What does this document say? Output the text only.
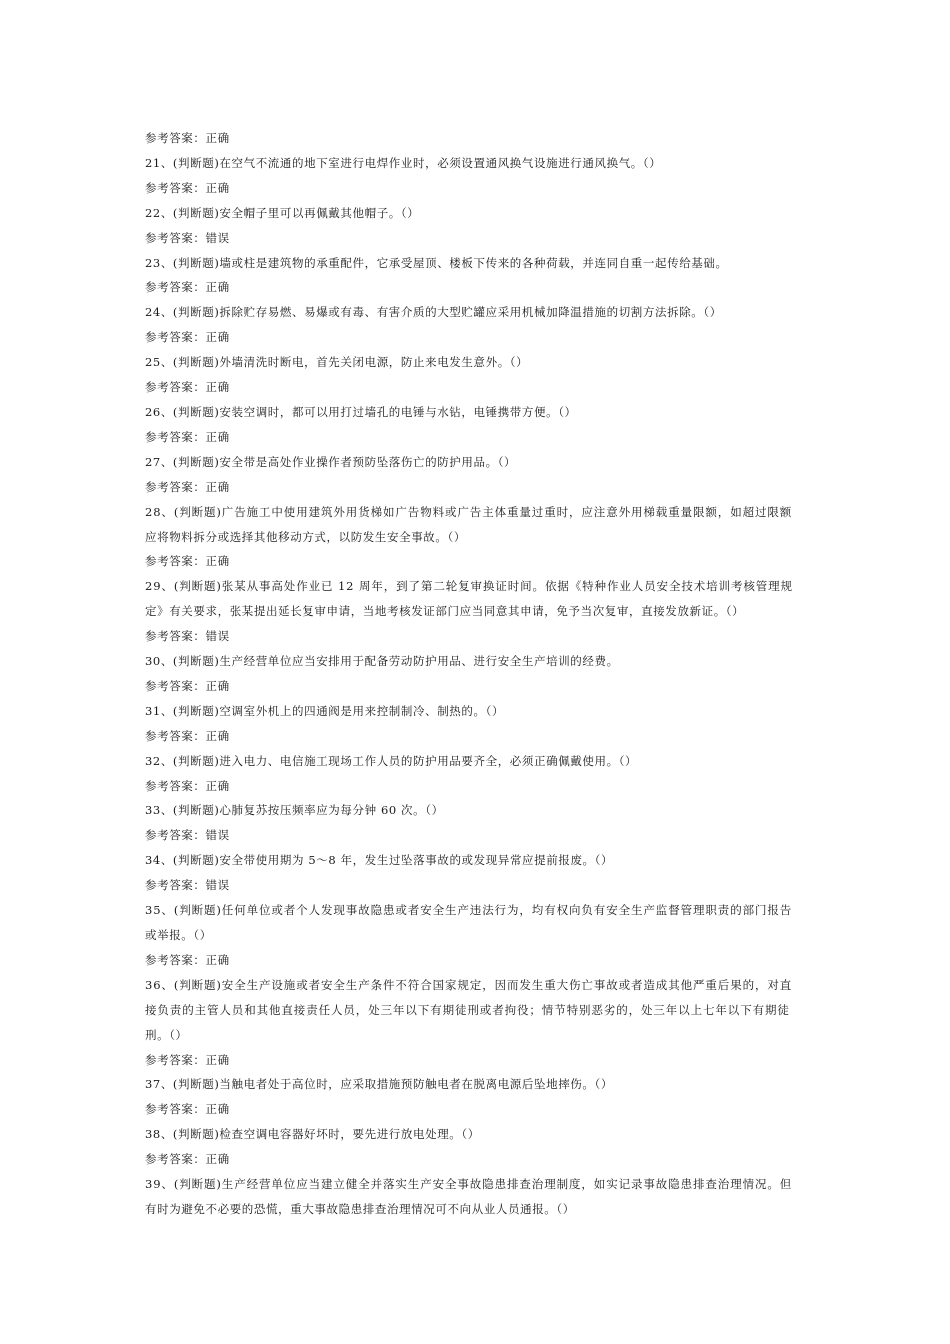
参考答案：正确
21、(判断题)在空气不流通的地下室进行电焊作业时，必须设置通风换气设施进行通风换气。（）
参考答案：正确
22、(判断题)安全帽子里可以再佩戴其他帽子。（）
参考答案：错误
23、(判断题)墙或柱是建筑物的承重配件，它承受屋顶、楼板下传来的各种荷载，并连同自重一起传给基础。
参考答案：正确
24、(判断题)拆除贮存易燃、易爆或有毒、有害介质的大型贮罐应采用机械加降温措施的切割方法拆除。（）
参考答案：正确
25、(判断题)外墙清洗时断电，首先关闭电源，防止来电发生意外。（）
参考答案：正确
26、(判断题)安装空调时，都可以用打过墙孔的电锤与水钻，电锤携带方便。（）
参考答案：正确
27、(判断题)安全带是高处作业操作者预防坠落伤亡的防护用品。（）
参考答案：正确
28、(判断题)广告施工中使用建筑外用货梯如广告物料或广告主体重量过重时，应注意外用梯载重量限额，如超过限额
应将物料拆分或选择其他移动方式，以防发生安全事故。（）
参考答案：正确
29、(判断题)张某从事高处作业已 12 周年，到了第二轮复审换证时间。依据《特种作业人员安全技术培训考核管理规
定》有关要求，张某提出延长复审申请，当地考核发证部门应当同意其申请，免予当次复审，直接发放新证。（）
参考答案：错误
30、(判断题)生产经营单位应当安排用于配备劳动防护用品、进行安全生产培训的经费。
参考答案：正确
31、(判断题)空调室外机上的四通阀是用来控制制冷、制热的。（）
参考答案：正确
32、(判断题)进入电力、电信施工现场工作人员的防护用品要齐全，必须正确佩戴使用。（）
参考答案：正确
33、(判断题)心肺复苏按压频率应为每分钟 60 次。（）
参考答案：错误
34、(判断题)安全带使用期为 5～8 年，发生过坠落事故的或发现异常应提前报废。（）
参考答案：错误
35、(判断题)任何单位或者个人发现事故隐患或者安全生产违法行为，均有权向负有安全生产监督管理职责的部门报告
或举报。（）
参考答案：正确
36、(判断题)安全生产设施或者安全生产条件不符合国家规定，因而发生重大伤亡事故或者造成其他严重后果的，对直
接负责的主管人员和其他直接责任人员，处三年以下有期徒刑或者拘役；情节特别恶劣的，处三年以上七年以下有期徒
刑。（）
参考答案：正确
37、(判断题)当触电者处于高位时，应采取措施预防触电者在脱离电源后坠地摔伤。（）
参考答案：正确
38、(判断题)检查空调电容器好坏时，要先进行放电处理。（）
参考答案：正确
39、(判断题)生产经营单位应当建立健全并落实生产安全事故隐患排查治理制度，如实记录事故隐患排查治理情况。但
有时为避免不必要的恐慌，重大事故隐患排查治理情况可不向从业人员通报。（）
